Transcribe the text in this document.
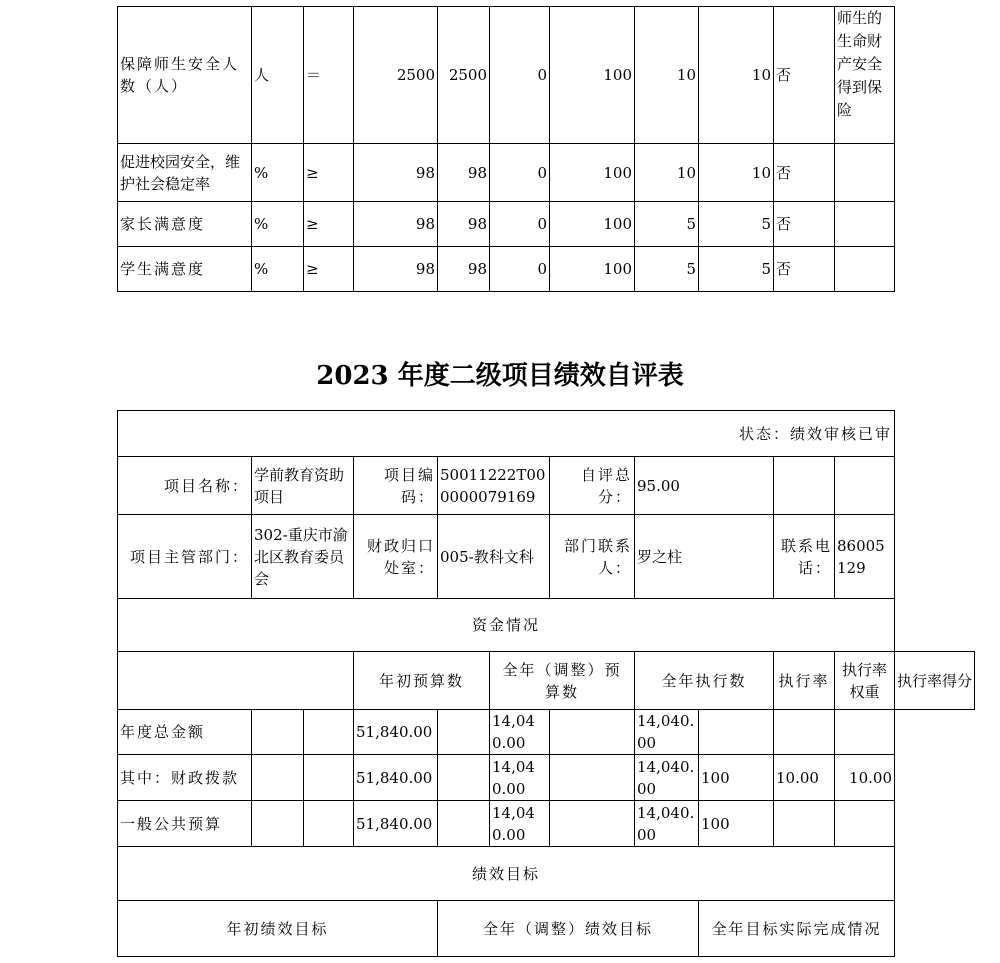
保障师生安全人数（人）	人	＝	2500	2500	0	100	10	10	否	师生的生命财产安全得到保险
促进校园安全，维护社会稳定率	%	≥	98	98	0	100	10	10	否	
家长满意度	%	≥	98	98	0	100	5	5	否	
学生满意度	%	≥	98	98	0	100	5	5	否	
2023 年度二级项目绩效自评表
状态：绩效审核已审											
项目名称：	学前教育资助项目		项目编码：	50011222T000000079169		自评总分：	95.00				
项目主管部门：	302-重庆市渝北区教育委员会		财政归口处室：	005-教科文科		部门联系人：	罗之柱		联系电话：	86005129	
资金情况											
			年初预算数		全年（调整）预算数		全年执行数		执行率	执行率权重	执行率得分
年度总金额			51,840.00		14,040.00		14,040.00				
其中：财政拨款			51,840.00		14,040.00		14,040.00	100	10.00	10.00	
一般公共预算			51,840.00		14,040.00		14,040.00	100			
绩效目标											
年初绩效目标				全年（调整）绩效目标				全年目标实际完成情况			
